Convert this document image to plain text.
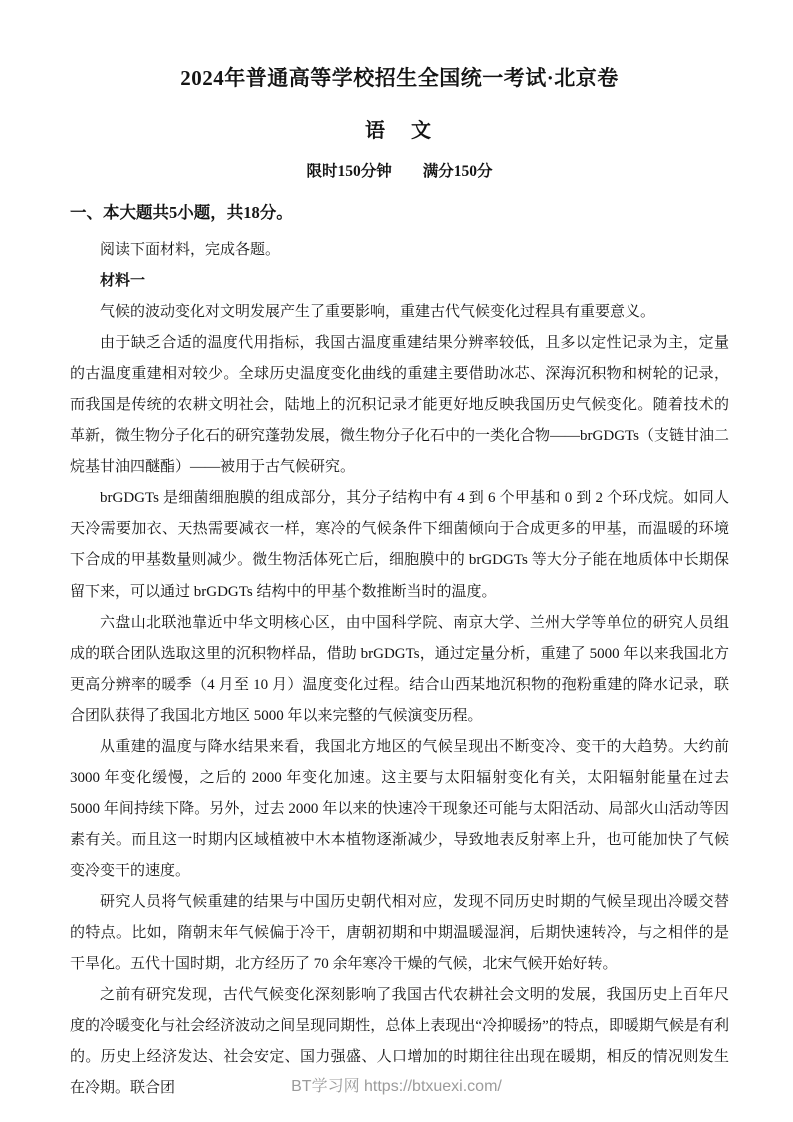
2024年普通高等学校招生全国统一考试·北京卷
语　文
限时150分钟　　满分150分
一、本大题共5小题，共18分。

阅读下面材料，完成各题。

材料一

气候的波动变化对文明发展产生了重要影响，重建古代气候变化过程具有重要意义。

由于缺乏合适的温度代用指标，我国古温度重建结果分辨率较低，且多以定性记录为主，定量的古温度重建相对较少。全球历史温度变化曲线的重建主要借助冰芯、深海沉积物和树轮的记录，而我国是传统的农耕文明社会，陆地上的沉积记录才能更好地反映我国历史气候变化。随着技术的革新，微生物分子化石的研究蓬勃发展，微生物分子化石中的一类化合物——brGDGTs（支链甘油二烷基甘油四醚酯）——被用于古气候研究。

brGDGTs 是细菌细胞膜的组成部分，其分子结构中有 4 到 6 个甲基和 0 到 2 个环戊烷。如同人天冷需要加衣、天热需要减衣一样，寒冷的气候条件下细菌倾向于合成更多的甲基，而温暖的环境下合成的甲基数量则减少。微生物活体死亡后，细胞膜中的 brGDGTs 等大分子能在地质体中长期保留下来，可以通过 brGDGTs 结构中的甲基个数推断当时的温度。

六盘山北联池靠近中华文明核心区，由中国科学院、南京大学、兰州大学等单位的研究人员组成的联合团队选取这里的沉积物样品，借助 brGDGTs，通过定量分析，重建了 5000 年以来我国北方更高分辨率的暖季（4 月至 10 月）温度变化过程。结合山西某地沉积物的孢粉重建的降水记录，联合团队获得了我国北方地区 5000 年以来完整的气候演变历程。

从重建的温度与降水结果来看，我国北方地区的气候呈现出不断变冷、变干的大趋势。大约前 3000 年变化缓慢，之后的 2000 年变化加速。这主要与太阳辐射变化有关，太阳辐射能量在过去 5000 年间持续下降。另外，过去 2000 年以来的快速冷干现象还可能与太阳活动、局部火山活动等因素有关。而且这一时期内区域植被中木本植物逐渐减少，导致地表反射率上升，也可能加快了气候变冷变干的速度。

研究人员将气候重建的结果与中国历史朝代相对应，发现不同历史时期的气候呈现出冷暖交替的特点。比如，隋朝末年气候偏于冷干，唐朝初期和中期温暖湿润，后期快速转冷，与之相伴的是干旱化。五代十国时期，北方经历了 70 余年寒冷干燥的气候，北宋气候开始好转。

之前有研究发现，古代气候变化深刻影响了我国古代农耕社会文明的发展，我国历史上百年尺度的冷暖变化与社会经济波动之间呈现同期性，总体上表现出“冷抑暖扬”的特点，即暖期气候是有利的。历史上经济发达、社会安定、国力强盛、人口增加的时期往往出现在暖期，相反的情况则发生在冷期。联合团	BT学习网 https://btxuexi.com/
